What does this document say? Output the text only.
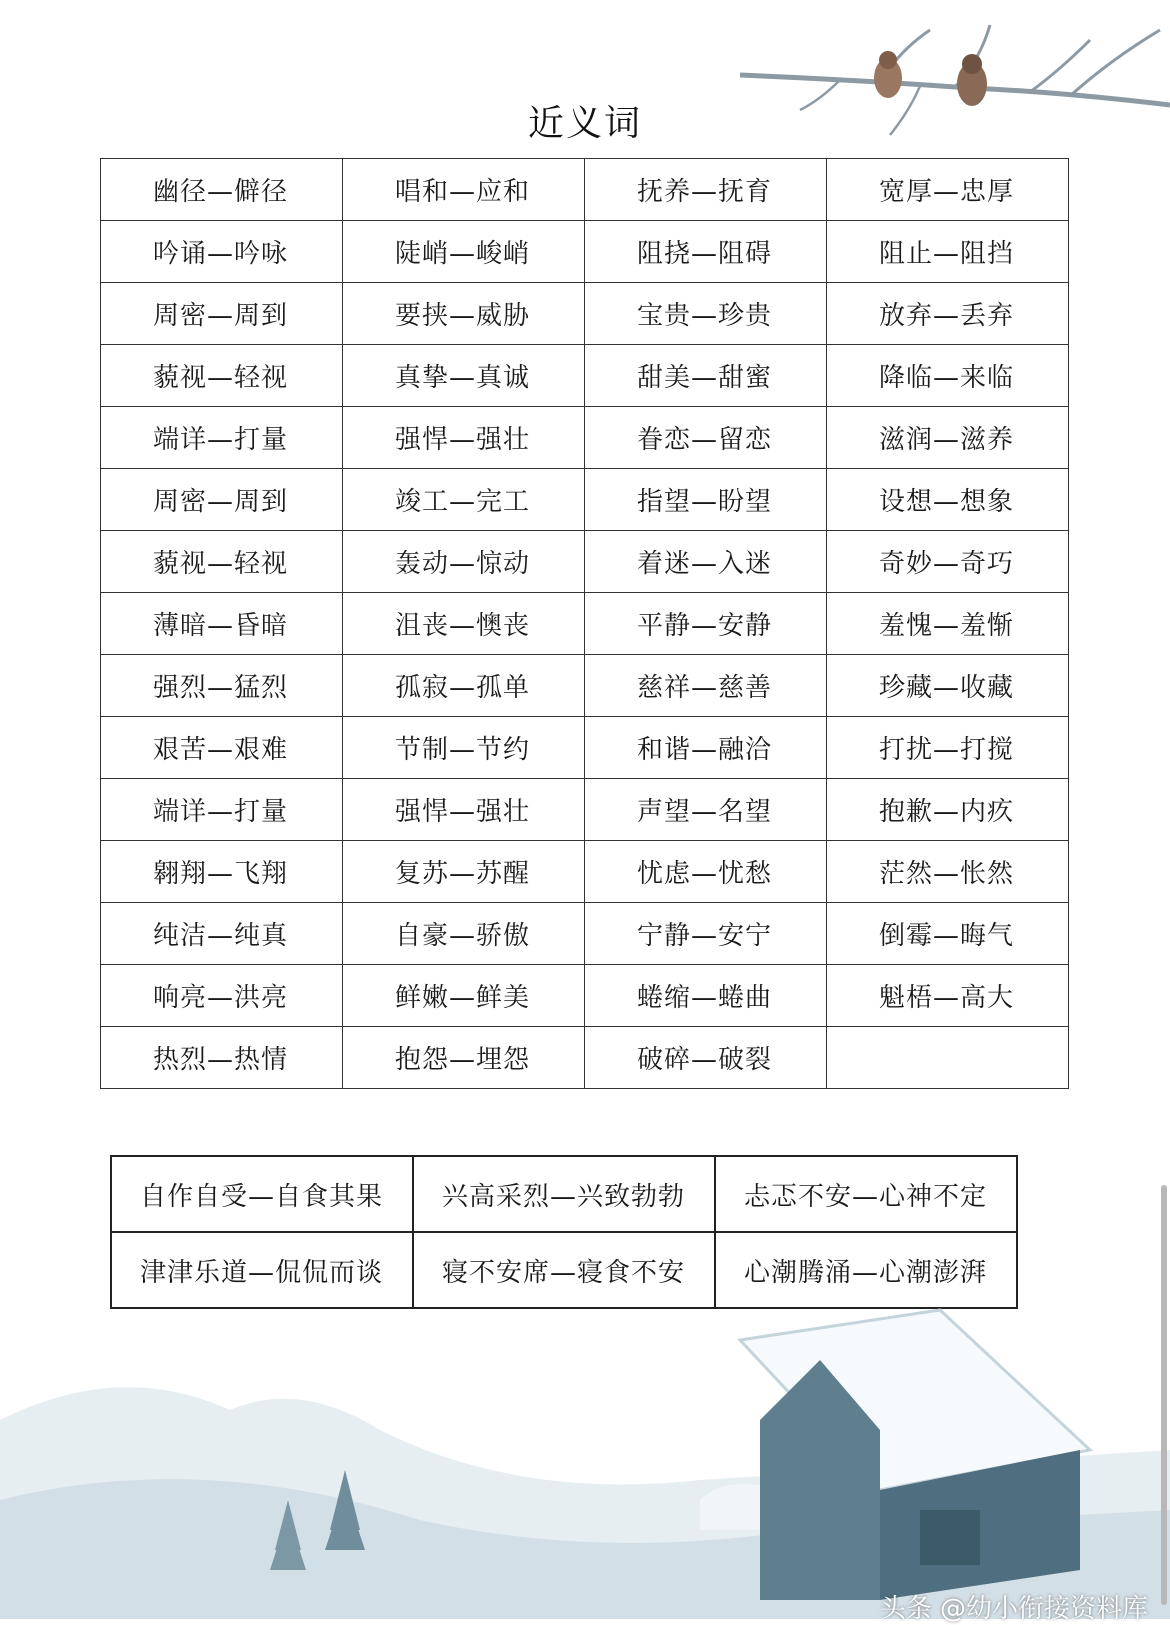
近义词
幽径—僻径	唱和—应和	抚养—抚育	宽厚—忠厚
吟诵—吟咏	陡峭—峻峭	阻挠—阻碍	阻止—阻挡
周密—周到	要挟—威胁	宝贵—珍贵	放弃—丢弃
藐视—轻视	真挚—真诚	甜美—甜蜜	降临—来临
端详—打量	强悍—强壮	眷恋—留恋	滋润—滋养
周密—周到	竣工—完工	指望—盼望	设想—想象
藐视—轻视	轰动—惊动	着迷—入迷	奇妙—奇巧
薄暗—昏暗	沮丧—懊丧	平静—安静	羞愧—羞惭
强烈—猛烈	孤寂—孤单	慈祥—慈善	珍藏—收藏
艰苦—艰难	节制—节约	和谐—融洽	打扰—打搅
端详—打量	强悍—强壮	声望—名望	抱歉—内疚
翱翔—飞翔	复苏—苏醒	忧虑—忧愁	茫然—怅然
纯洁—纯真	自豪—骄傲	宁静—安宁	倒霉—晦气
响亮—洪亮	鲜嫩—鲜美	蜷缩—蜷曲	魁梧—高大
热烈—热情	抱怨—埋怨	破碎—破裂	
自作自受—自食其果	兴高采烈—兴致勃勃	忐忑不安—心神不定
津津乐道—侃侃而谈	寝不安席—寝食不安	心潮腾涌—心潮澎湃
头条 @幼小衔接资料库
